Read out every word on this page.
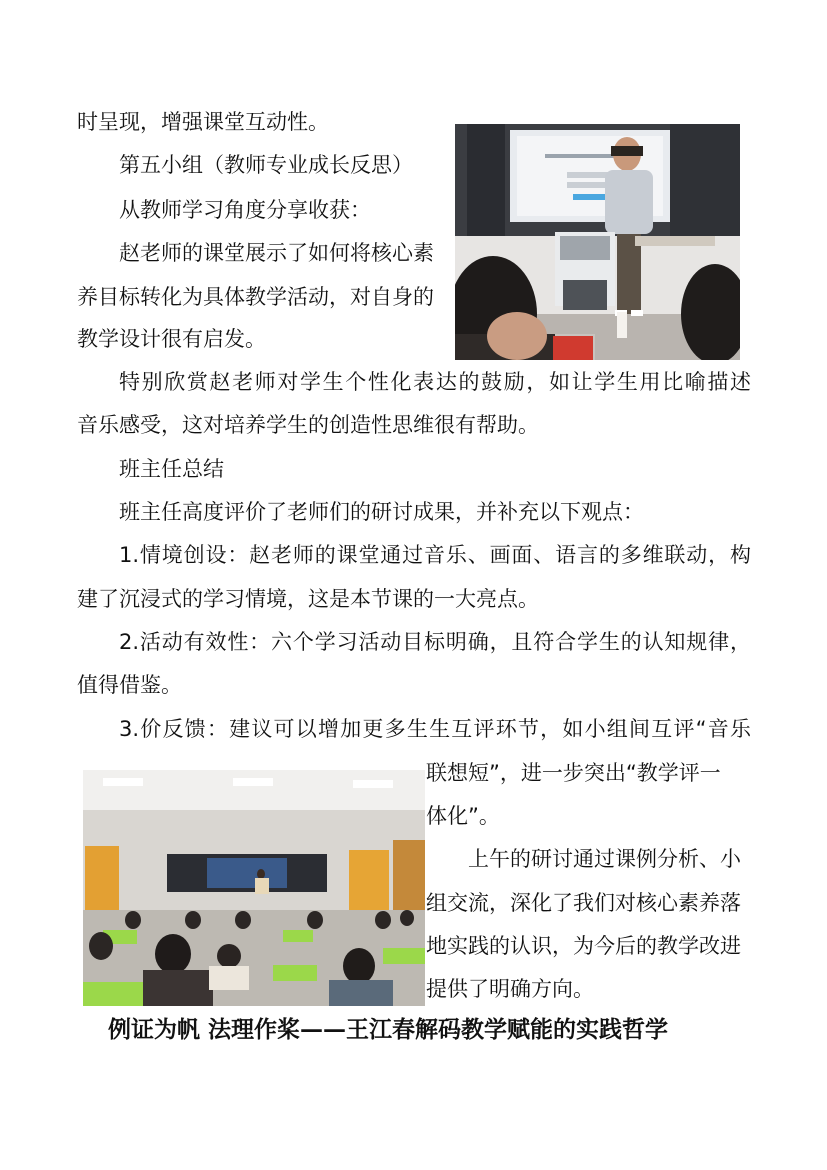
时呈现，增强课堂互动性。
第五小组（教师专业成长反思）
从教师学习角度分享收获：
赵老师的课堂展示了如何将核心素
养目标转化为具体教学活动，对自身的
教学设计很有启发。
特别欣赏赵老师对学生个性化表达的鼓励，如让学生用比喻描述
音乐感受，这对培养学生的创造性思维很有帮助。
班主任总结
班主任高度评价了老师们的研讨成果，并补充以下观点：
1.情境创设：赵老师的课堂通过音乐、画面、语言的多维联动，构
建了沉浸式的学习情境，这是本节课的一大亮点。
2.活动有效性：六个学习活动目标明确，且符合学生的认知规律，
值得借鉴。
3.价反馈：建议可以增加更多生生互评环节，如小组间互评“音乐
联想短”，进一步突出“教学评一
体化”。
上午的研讨通过课例分析、小
组交流，深化了我们对核心素养落
地实践的认识，为今后的教学改进
提供了明确方向。
例证为帆 法理作桨——王江春解码教学赋能的实践哲学
